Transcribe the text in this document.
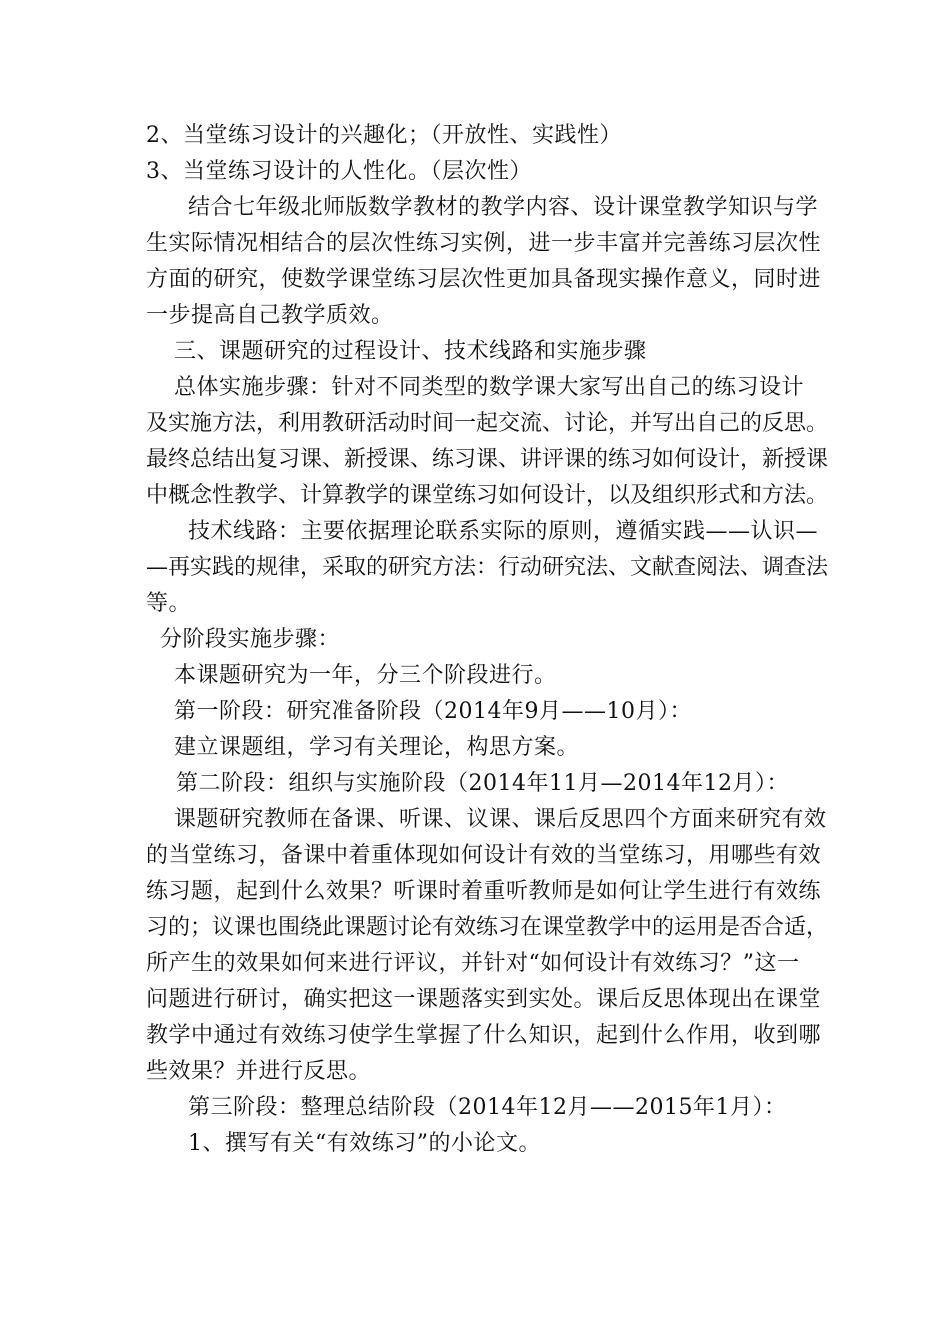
2、当堂练习设计的兴趣化；（开放性、实践性）
3、当堂练习设计的人性化。（层次性）
结合七年级北师版数学教材的教学内容、设计课堂教学知识与学
生实际情况相结合的层次性练习实例，进一步丰富并完善练习层次性
方面的研究，使数学课堂练习层次性更加具备现实操作意义，同时进
一步提高自己教学质效。
三、课题研究的过程设计、技术线路和实施步骤
总体实施步骤：针对不同类型的数学课大家写出自己的练习设计
及实施方法，利用教研活动时间一起交流、讨论，并写出自己的反思。
最终总结出复习课、新授课、练习课、讲评课的练习如何设计，新授课
中概念性教学、计算教学的课堂练习如何设计，以及组织形式和方法。
技术线路：主要依据理论联系实际的原则，遵循实践——认识—
—再实践的规律，采取的研究方法：行动研究法、文献查阅法、调查法
等。
分阶段实施步骤：
本课题研究为一年，分三个阶段进行。
第一阶段：研究准备阶段（2014年9月——10月）：
建立课题组，学习有关理论，构思方案。
第二阶段：组织与实施阶段（2014年11月—2014年12月）：
课题研究教师在备课、听课、议课、课后反思四个方面来研究有效
的当堂练习，备课中着重体现如何设计有效的当堂练习，用哪些有效
练习题，起到什么效果？听课时着重听教师是如何让学生进行有效练
习的；议课也围绕此课题讨论有效练习在课堂教学中的运用是否合适，
所产生的效果如何来进行评议，并针对“如何设计有效练习？”这一
问题进行研讨，确实把这一课题落实到实处。课后反思体现出在课堂
教学中通过有效练习使学生掌握了什么知识，起到什么作用，收到哪
些效果？并进行反思。
第三阶段：整理总结阶段（2014年12月——2015年1月）：
1、撰写有关“有效练习”的小论文。
